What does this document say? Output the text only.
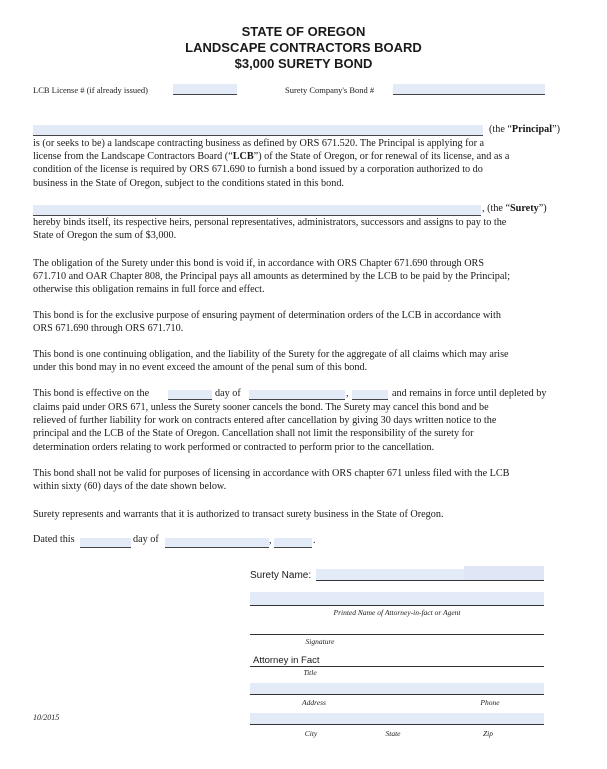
STATE OF OREGON
LANDSCAPE CONTRACTORS BOARD
$3,000 SURETY BOND
LCB License # (if already issued)	Surety Company's Bond #
(the “Principal”)
is (or seeks to be) a landscape contracting business as defined by ORS 671.520. The Principal is applying for a
license from the Landscape Contractors Board (“LCB”) of the State of Oregon, or for renewal of its license, and as a
condition of the license is required by ORS 671.690 to furnish a bond issued by a corporation authorized to do
business in the State of Oregon, subject to the conditions stated in this bond.
, (the “Surety”)
hereby binds itself, its respective heirs, personal representatives, administrators, successors and assigns to pay to the
State of Oregon the sum of $3,000.
The obligation of the Surety under this bond is void if, in accordance with ORS Chapter 671.690 through ORS
671.710 and OAR Chapter 808, the Principal pays all amounts as determined by the LCB to be paid by the Principal;
otherwise this obligation remains in full force and effect.
This bond is for the exclusive purpose of ensuring payment of determination orders of the LCB in accordance with
ORS 671.690 through ORS 671.710.
This bond is one continuing obligation, and the liability of the Surety for the aggregate of all claims which may arise
under this bond may in no event exceed the amount of the penal sum of this bond.
This bond is effective on the	day of	,	and remains in force until depleted by
claims paid under ORS 671, unless the Surety sooner cancels the bond. The Surety may cancel this bond and be
relieved of further liability for work on contracts entered after cancellation by giving 30 days written notice to the
principal and the LCB of the State of Oregon. Cancellation shall not limit the responsibility of the surety for
determination orders relating to work performed or contracted to perform prior to the cancellation.
This bond shall not be valid for purposes of licensing in accordance with ORS chapter 671 unless filed with the LCB
within sixty (60) days of the date shown below.
Surety represents and warrants that it is authorized to transact surety business in the State of Oregon.
Dated this	day of	,	.
Surety Name:
Printed Name of Attorney-in-fact or Agent
Signature
Attorney in Fact
Title
Address	Phone
City	State	Zip
10/2015
